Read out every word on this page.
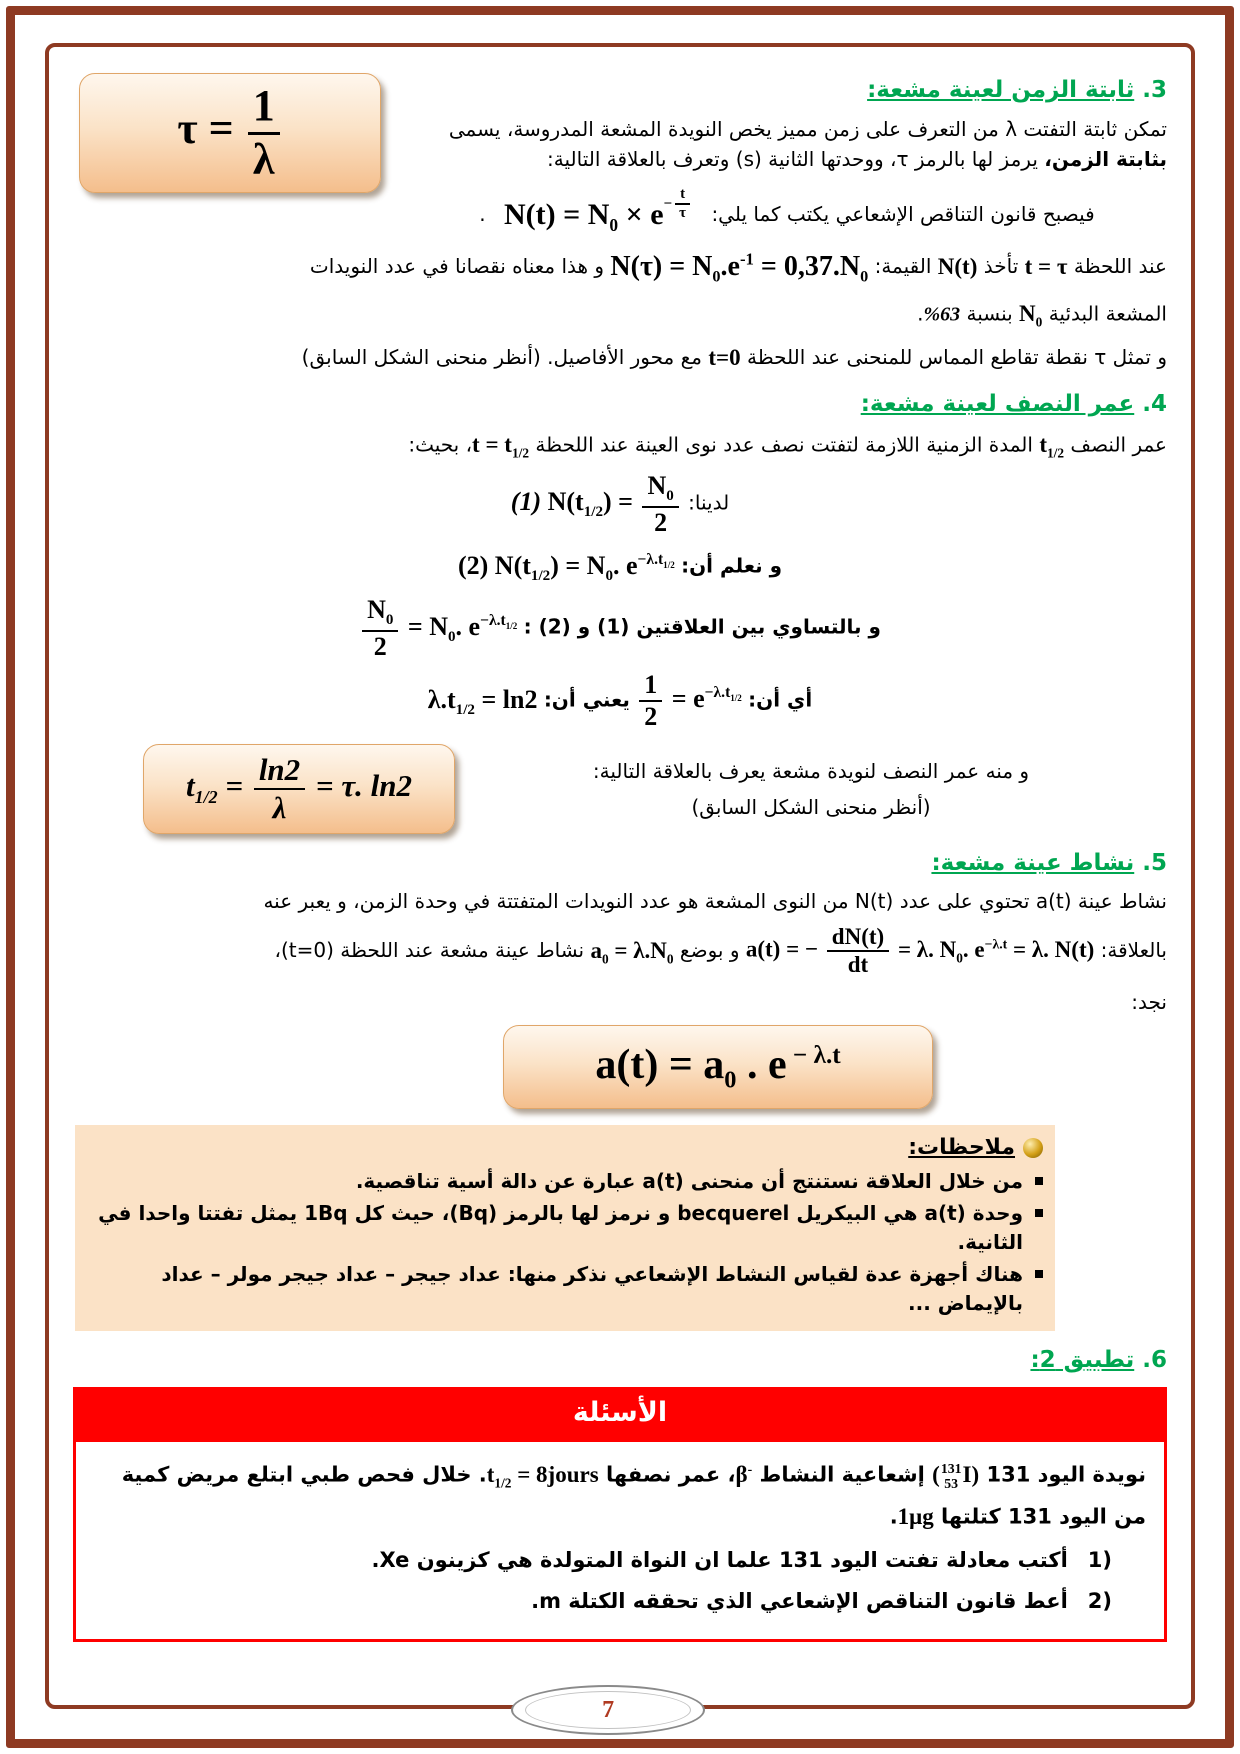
$\tau = \frac{1}{\lambda}$	3.ثابتة الزمن لعينة مشعة:

تمكن ثابتة التفتت λ من التعرف على زمن مميز يخص النويدة المشعة المدروسة، يسمى بثابتة الزمن، يرمز لها بالرمز τ، ووحدتها الثانية (s) وتعرف بالعلاقة التالية:

فيصبح قانون التناقص الإشعاعي يكتب كما يلي: $N(t) = N_0 \times e - \frac{t}{\tau}$
.

عند اللحظة t = τ تأخذ N(t) القيمة: $N(\tau) = N_0.e^{-1} = 0,37.N_0$ و هذا معناه نقصانا في عدد النويدات

المشعة البدئية $N_0$ بنسبة 63%.

و تمثل τ نقطة تقاطع المماس للمنحنى عند اللحظة t=0 مع محور الأفاصيل. (أنظر منحنى الشكل السابق)

4.عمر النصف لعينة مشعة:

عمر النصف $t_{1/2}$ المدة الزمنية اللازمة لتفتت نصف عدد نوى العينة عند اللحظة $t = t_{1/2}،$ بحيث:

لدينا: (1) $N(t_{1/2}) = \frac{N_0}{2}$
و نعلم أن: (2) $N(t_{1/2}) = N_0$. $e^{-\lambda.t_{1/2}}$
و بالتساوي بين العلاقتين (1) و (2) :
$\frac{N_0}{2} = N_0$. $e^{-\lambda.t_{1/2}}$
أي أن:
$\frac{1}{2} = e^{-\lambda.t_{1/2}}$ يعني أن: $\lambda.t_{1/2} = \ln 2$

و منه عمر النصف لنويدة مشعة يعرف بالعلاقة التالية:

(أنظر منحنى الشكل السابق)

$t_{1/2} = \frac{\ln 2}{\lambda} = \tau$. ln2
5.نشاط عينة مشعة:

نشاط عينة a(t) تحتوي على عدد N(t) من النوى المشعة هو عدد النويدات المتفتتة في وحدة الزمن، و يعبر عنه

بالعلاقة: a(t) = − $\frac{dN(t)}{dt} = \lambda$. $N_0$. $e^{-\lambda.t} = \lambda$. N(t) و بوضع $a_0 = \lambda.N_0$ نشاط عينة مشعة عند اللحظة (t=0)،

نجد:

$a(t) = a_0$ . e $^{- \lambda.t}$
ملاحظات:
من خلال العلاقة نستنتج أن منحنى a(t) عبارة عن دالة أسية تناقصية.
وحدة a(t) هي البيكريل becquerel و نرمز لها بالرمز (Bq)، حيث كل 1Bq يمثل تفتتا واحدا في الثانية.
هناك أجهزة عدة لقياس النشاط الإشعاعي نذكر منها: عداد جيجر – عداد جيجر مولر – عداد بالإيماض ...
6.تطبيق 2:
الأسئلة

نويدة اليود 131 ( 131
53 I) إشعاعية النشاط β-، عمر نصفها $t_{1/2}$ = 8jours. خلال فحص طبي ابتلع مريض كمية من اليود 131 كتلتها 1μg.

1)أكتب معادلة تفتت اليود 131 علما ان النواة المتولدة هي كزينون Xe.

2)أعط قانون التناقص الإشعاعي الذي تحققه الكتلة m.

7
